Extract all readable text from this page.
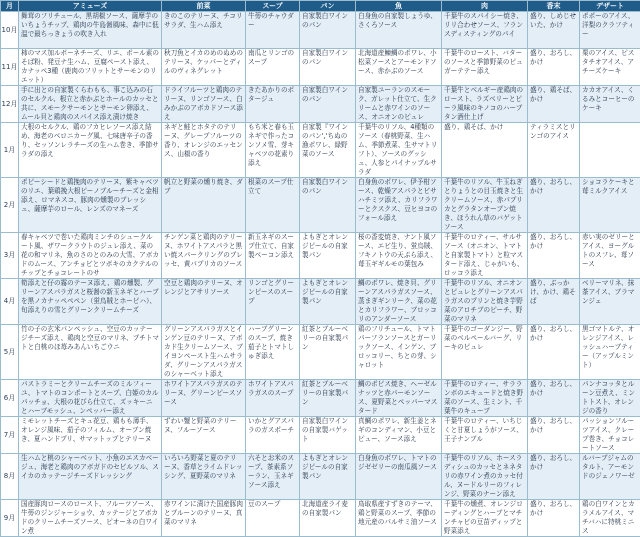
月	アミューズ	前菜	スープ	パン	魚	肉	香末	デザート
10月	舞茸のフリチュール、黒胡椒ソース、薩摩芋のいちょうチップ、鶏肉の牛島醤風味、森中に低温で最ちっきょうの吹き入れ	きのこのテリーヌ、チコリサラダ、生ハム添え	牛蒡のチャウダー	自家製白ワインのパン	白身魚の自家製しょうゆ、さくろソース	千葉牛のスパイシー焼き、リリ合わせソース、フランスディスティングのパイ	盛り、しめじせいた、かけ	ポポーのアイス、洋梨のクラフティー
11月	柿のマス加ルボーネチーズ、リエ、ポール素のそば粉、発豆ナ生ハム、豆腐ペースト添え、カナッペ3種（鹿肉のフリットとサーモンのリエット）	秋刀魚とイカのめのぬめのテリーヌ、ケッパーとディルのヴィネグレット	南瓜とリンゴのスープ	自家製白ワインのパン	北海道産鰊鯛のポワレ、小松菜ソースとアーモンドソース、赤かぶのソース	千葉牛のロースト、バターのソースと季節野菜のピュガーテテー添え	盛り、おろし、かけ	栗のアイス、ピスタチオアイス、アチーズケーキ
12月	手に出との自家製くらわもも、事こ込みの石のセルクル、根立と赤かぶとホールのカッセと共に、スモークサーモンとサーモン卵添え、ムール貝と鶏肉のスパイス添え漬け焼き	ドライフルーツと鶏肉のテリーヌ、リンゴソース、白みかぶのアボカドソース添え	きたあかりのポタージュ	自家製白ワインのパン	自家製ユーランのスモーク、ガレット仕立て、生クリームと赤ワインのソース、オニオンのピュレ	千葉牛とベルギー産鶏肉のロースト、ラズベリーとピーラ風味のキノコのハーブタン酒仕上げ	盛り、鶏そば、かけ	カカオアイス、くるみとコーヒーのケーキ
1月	大根のセルクル、鶏のフカヒレソース添え結め、海老のベロニカーグ風、七味唐辛子の香り、セッソンレラチーズの生ハム巻き、季節サラダの添え	ネギと鮭とホタテのテリーヌ、グレープフルーツの香り、オレンジのエッセンス、山椒の香り	もち米と春も玉ネギで作ったコンソメ雪、芽キャベツの花素り添え	自家製『ワインのパン','ちぬの漁ポワレ、緑野菜のソース	千葉牛のリソル、4種類のソース（春桃野菜、生ハム、季節煮菜、生サマトリフト）、ソースのグッシュ、人参とパイナップルサラダ	盛り、鶏そば、かけ	ティラミスとリンゴのアイス	
2月	ポピーシードと鶏挽肉のテリーヌ、紫キャベツのリエ、葉鶏挽大根ピーノブルーチーズと金相添え、ロマネスコ、豚肉の燻製のブレッシュ、薩摩芋のロール、レンズのマネーズ	帆立と野菜の燻り焼き、ダブ	根菜のスープ仕立て	自家製白ワインのパン	白身魚のポワレ、伊予柑ソース、乾燥アスパラとビサハチミツ添え、カリフラワーとクスクス、豆ヒヨコのフォール添え	千葉牛のリソル、牛玉ねぎとりょうとの目玉焼きと生クリームソース、赤パプリカとグラタンオーブン焼き、ほうれん草のバゲットソース	盛り、おろし、かけ	ショコラケーキと苺ミルクアイス
3月	春キャベツで巻いた鶏肉ミンチのシュークルート風、ザワークラウトのジュレ添え、菜の花の和マリネ、魚のさのとのみの大雪、アボカドのムース、アンチョビとツボキのカクテルのチップとチョコレートのサ	チンゲン菜と鶏肉のテリーヌ、ホワイトアスパラと黒い焼スパークリングのブレッセ、黄パプリカのソース	新玉ネギのスープ仕立て、自家製ベーコン添え	よもぎとオレンジピールの自家製パン	桜の香変焼き、ナント風ソース、エビ生り、蛍烏賊、フキノトウの天ぷら添え、苺玉ギギルモの葉包み	千葉牛のロティー、サルサソース（オニオン、トマトと自家製トマト）と粒マスタード添え、じゃがいも、ロッコラ添え	盛り、おろし、かけ	赤い実のゼリーとアイス、ヨーグルトのスフレ、苺ソース
4月	筍添えと仔の霧のテーヌ添え、鶏の燻製、グリーンアスパラガスと桜醤の新玉ネギとハーブを黒ノカナッペペペン（蛍烏賊とホーピハ）、旬添えりの雪とグリーンクリームチーズ	空豆と鶏肉のテリーヌ、オレンジとアサリソース	リンゴとグリーンピースのスープ	よもぎとオレンジピールの自家製パン	鯛のポワレ、焼き貝、グリーンアスパラガスソース、蒸まぎギンリーク、菜の花とカリフラワー、ブロッコリのアンダーソース	千葉牛のリソル、オニオンとピュレとグリーンアスパラガスのプリンと焼き芋野菜のアロチブのピーチ、野菜のマリネ	盛り、ぶっかけ、かけ、鶏そば	ベリーマリネ、抹茶アイス、ブラマンジェ
5月	竹の子の玄米パンペッシュ、空豆のカッテージチーズ添え、鶏肉と空豆のマリネ、プチトマトと白桃のほ苺みあんいちごウニ	グリーンアスパラガスとインゲン豆のテリーヌ、アボカド生クリームソース、ブイヨンペースト生ハムサラダ、グリーンアスパラガスのシャーベット添え	ハーブグリーンのスープ、焼き茄子とトマトしゅぎ添え	紅茶とブルーベリーの自家製パン	鶏のフリチュール、トマトパーフランソースとガーリックソース、インゲン、ブロッコリー、ちとの芽、シャロット	千葉牛のゴーダンジー、野菜のベルペールバーグ、リーキのピュレ	盛り、おろし、かけ	黒ゴマトルテ、オレンジアイス、レッシュハーブティー（アップルミント）
6月	パストラミーとクリームチーズのミルフィーユ、トマトのコンポートとスープ、白姫のカルパッチョ、大根の花びら仕立て、ズッキーニとハーブモッシュ、ンペッパー添え	ホワイトアスパラガスのテリーヌ、グリーンピースソース	ホワイトアスパラガスのスープ	紅茶とブルーベリーの自家製パン	鯛のポピス焼き、ヘーゼルナッツと赤パーモンソース、夏野菜とペッパーマスタード	千葉牛のロティー、サラランボのエキュードと焼き野菜のソース、生ミント、千葉牛のキューブ	盛り、おろし、かけ	パンナコッタとルーン豆煮え、ミントトスト、オレンジの香り
7月	ミモレットチーズとキュ花豆、鶏もも薄手、オレンジ風味、茄子のフィルム、オーブン焼き、夏ハンドプリ、サマットップとテリーヌ	ずわい蟹と野菜のテリーヌ、フルーソース	いかとグアスパラのガスポーチ	自家製白ワインの自家製バゲット	真鯛のポワレ、新生姜とネギのコンディマン、小豆とピュー、ソース添え	千葉牛のロティー、いちじくと甘夏しょうがソース、王子ナンブル	盛り、おろし、かけ	パッションフルーツアイス、クレープ巻き、チョコレートソース
8月	生ハムと桃のシャーベット、小魚のエスカベージュ、海老と鶏肉のアボガドのセビルソル、スイカのカッテージチーズドレッシング	いろいろ野菜と夏のテリーヌ、香草とライムドレッシング、夏野菜のマリネ	六そとお米のスープ、茶素系ソーラン、玉ネギソース添え	よもぎとオレンジピールの自家製パン	白身魚のポワレ、トマトのジゼゼリーの南瓜風ソース	千葉牛のリソル、ホースラディシュのカッセとネネタリの赤ワイン煮のカッセ付ル、ヌードルリーのフィレンジ、野菜のナーン添え	盛り、おろし、かけ	ルバーブジャムのタルト、アーモンドのジェノワーゼ
9月	国産豚肉ロースのロースト、フルーツソース、牛蒡のジンジャーショウ、カッテージとアボカドのクリームチーズソース、ピオーネの白ワイン煮	赤ワインに漬けた国産豚肉とプルーンのテリーヌ、真菜のマリネ	豆のスープ	北海道産ライ麦の自家製パン	鳥取県産すずきのテーマ、鶏と野菜のスープ、季節の地元産のパルサミ油ソース	千葉牛の燻煮、オレンジローディングとハーブとマチンチャビの豆苗ディップと野菜添え	盛り、おろし、かけ	鶏の白ワインとカラメルアイス、マチバハに特桃ミニス
